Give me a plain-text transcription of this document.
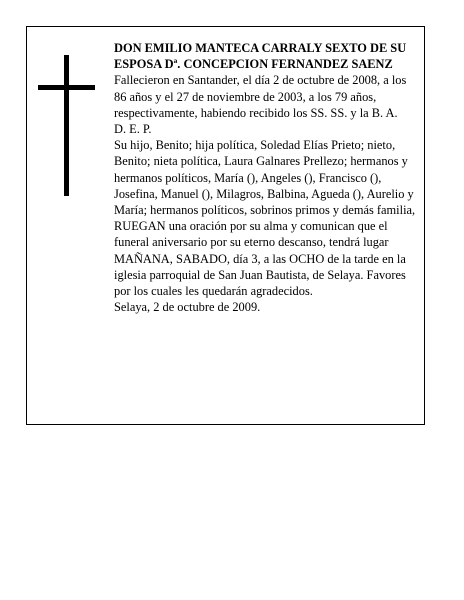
DON EMILIO MANTECA CARRALY SEXTO DE SU ESPOSA Dª. CONCEPCION FERNANDEZ SAENZ

Fallecieron en Santander, el día 2 de octubre de 2008, a los 86 años y el 27 de noviembre de 2003, a los 79 años, respectivamente, habiendo recibido los SS. SS. y la B. A.

D. E. P.

Su hijo, Benito; hija política, Soledad Elías Prieto; nieto, Benito; nieta política, Laura Galnares Prellezo; hermanos y hermanos políticos, María (), Angeles (), Francisco (), Josefina, Manuel (), Milagros, Balbina, Agueda (), Aurelio y María; hermanos políticos, sobrinos primos y demás familia,

RUEGAN una oración por su alma y comunican que el funeral aniversario por su eterno descanso, tendrá lugar MAÑANA, SABADO, día 3, a las OCHO de la tarde en la iglesia parroquial de San Juan Bautista, de Selaya. Favores por los cuales les quedarán agradecidos.

Selaya, 2 de octubre de 2009.
